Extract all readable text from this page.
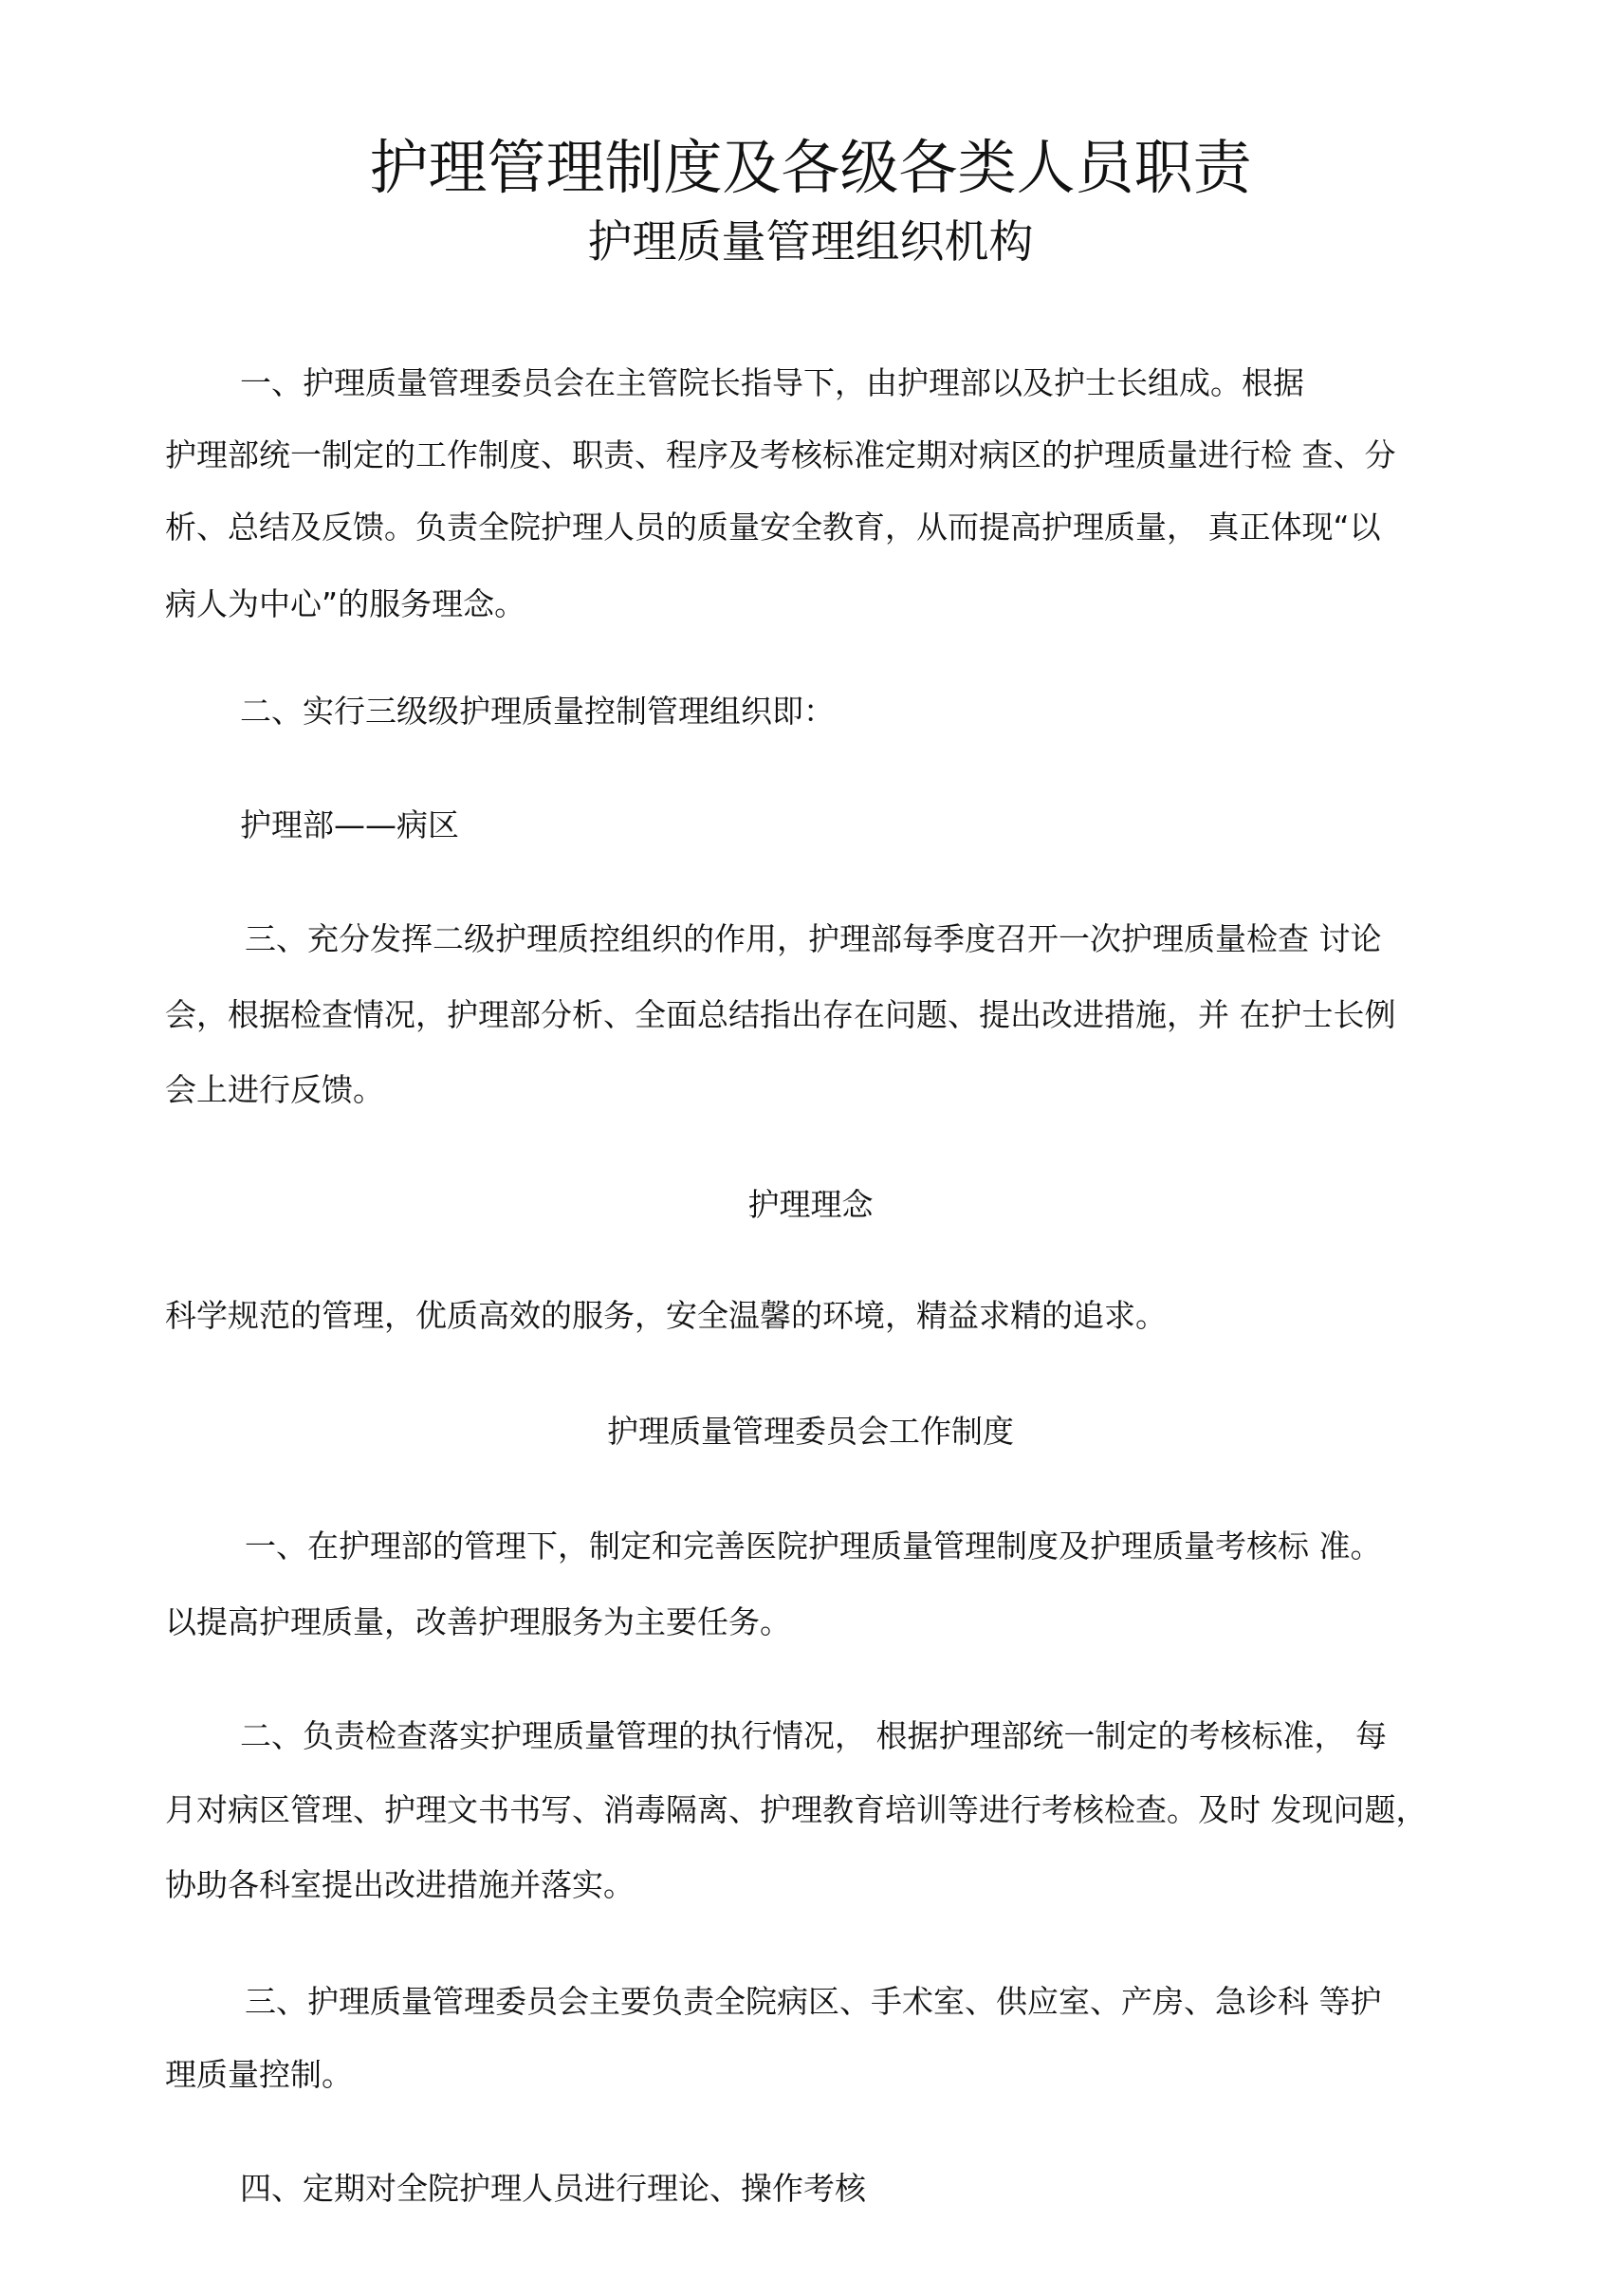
护理管理制度及各级各类人员职责
护理质量管理组织机构
一、护理质量管理委员会在主管院长指导下，由护理部以及护士长组成。根据
护理部统一制定的工作制度、职责、程序及考核标准定期对病区的护理质量进行检 查、分
析、总结及反馈。负责全院护理人员的质量安全教育，从而提高护理质量， 真正体现“以
病人为中心”的服务理念。
二、实行三级级护理质量控制管理组织即：
护理部——病区
三、充分发挥二级护理质控组织的作用，护理部每季度召开一次护理质量检查 讨论
会，根据检查情况，护理部分析、全面总结指出存在问题、提出改进措施，并 在护士长例
会上进行反馈。
护理理念
科学规范的管理，优质高效的服务，安全温馨的环境，精益求精的追求。
护理质量管理委员会工作制度
一、在护理部的管理下，制定和完善医院护理质量管理制度及护理质量考核标 准。
以提高护理质量，改善护理服务为主要任务。
二、负责检查落实护理质量管理的执行情况， 根据护理部统一制定的考核标准， 每
月对病区管理、护理文书书写、消毒隔离、护理教育培训等进行考核检查。及时 发现问题，
协助各科室提出改进措施并落实。
三、护理质量管理委员会主要负责全院病区、手术室、供应室、产房、急诊科 等护
理质量控制。
四、定期对全院护理人员进行理论、操作考核
